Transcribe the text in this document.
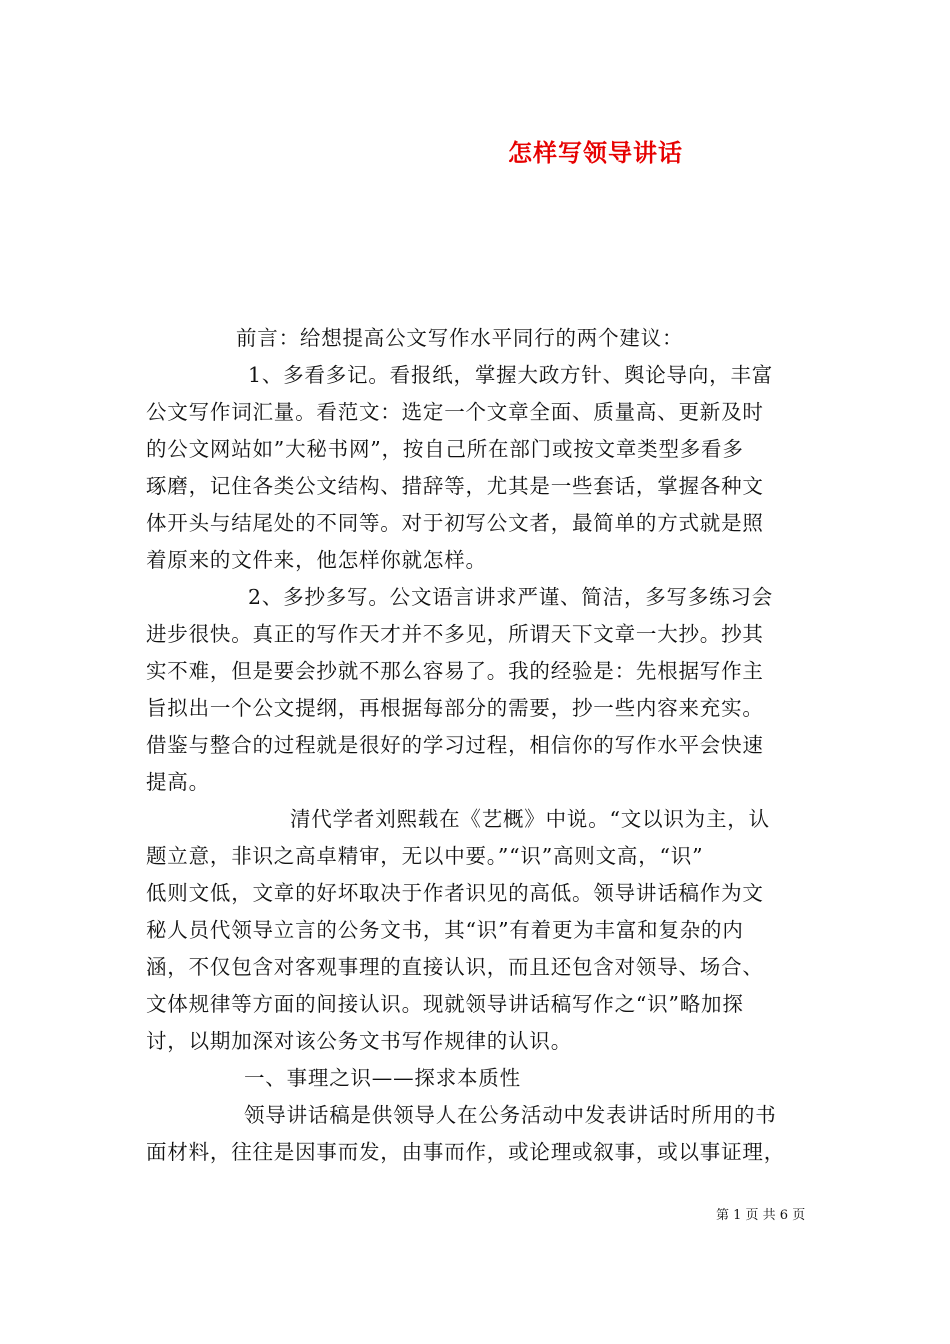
怎样写领导讲话
前言：给想提高公文写作水平同行的两个建议：
1、多看多记。看报纸，掌握大政方针、舆论导向，丰富
公文写作词汇量。看范文：选定一个文章全面、质量高、更新及时
的公文网站如”大秘书网”，按自己所在部门或按文章类型多看多
琢磨，记住各类公文结构、措辞等，尤其是一些套话，掌握各种文
体开头与结尾处的不同等。对于初写公文者，最简单的方式就是照
着原来的文件来，他怎样你就怎样。
2、多抄多写。公文语言讲求严谨、简洁，多写多练习会
进步很快。真正的写作天才并不多见，所谓天下文章一大抄。抄其
实不难，但是要会抄就不那么容易了。我的经验是：先根据写作主
旨拟出一个公文提纲，再根据每部分的需要，抄一些内容来充实。
借鉴与整合的过程就是很好的学习过程，相信你的写作水平会快速
提高。
清代学者刘熙载在《艺概》中说。“文以识为主，认
题立意，非识之高卓精审，无以中要。”“识”高则文高，“识”
低则文低，文章的好坏取决于作者识见的高低。领导讲话稿作为文
秘人员代领导立言的公务文书，其“识”有着更为丰富和复杂的内
涵，不仅包含对客观事理的直接认识，而且还包含对领导、场合、
文体规律等方面的间接认识。现就领导讲话稿写作之“识”略加探
讨，以期加深对该公务文书写作规律的认识。
一、事理之识——探求本质性
领导讲话稿是供领导人在公务活动中发表讲话时所用的书
面材料，往往是因事而发，由事而作，或论理或叙事，或以事证理，
第 1 页 共 6 页
